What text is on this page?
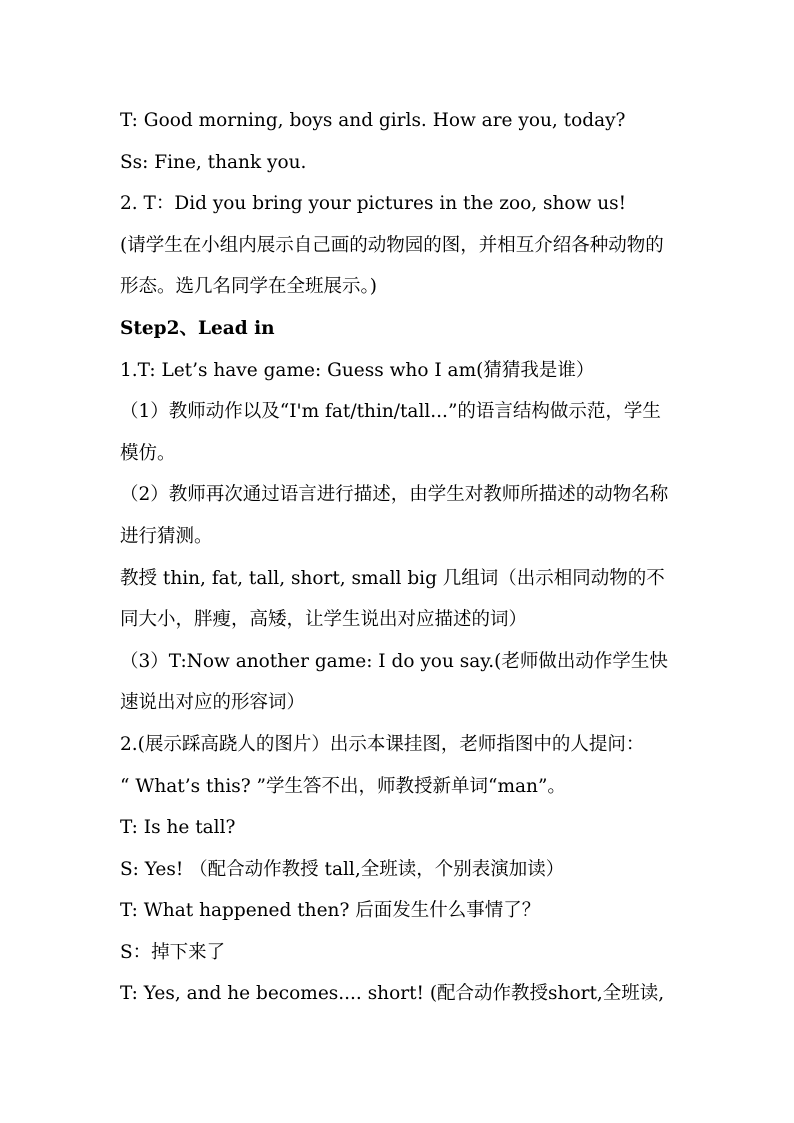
T: Good morning, boys and girls. How are you, today?
Ss: Fine, thank you.
2. T：Did you bring your pictures in the zoo, show us!
(请学生在小组内展示自己画的动物园的图，并相互介绍各种动物的
形态。选几名同学在全班展示。)
Step2、Lead in
1.T: Let’s have game: Guess who I am(猜猜我是谁）
（1）教师动作以及“I'm fat/thin/tall...”的语言结构做示范，学生
模仿。
（2）教师再次通过语言进行描述，由学生对教师所描述的动物名称
进行猜测。
教授 thin, fat, tall, short, small big 几组词（出示相同动物的不
同大小，胖瘦，高矮，让学生说出对应描述的词）
（3）T:Now another game: I do you say.(老师做出动作学生快
速说出对应的形容词）
2.(展示踩高跷人的图片）出示本课挂图，老师指图中的人提问：
“ What’s this? ”学生答不出，师教授新单词“man”。
T: Is he tall?
S: Yes! （配合动作教授 tall,全班读，个别表演加读）
T: What happened then? 后面发生什么事情了？
S：掉下来了
T: Yes, and he becomes.... short! (配合动作教授short,全班读,
